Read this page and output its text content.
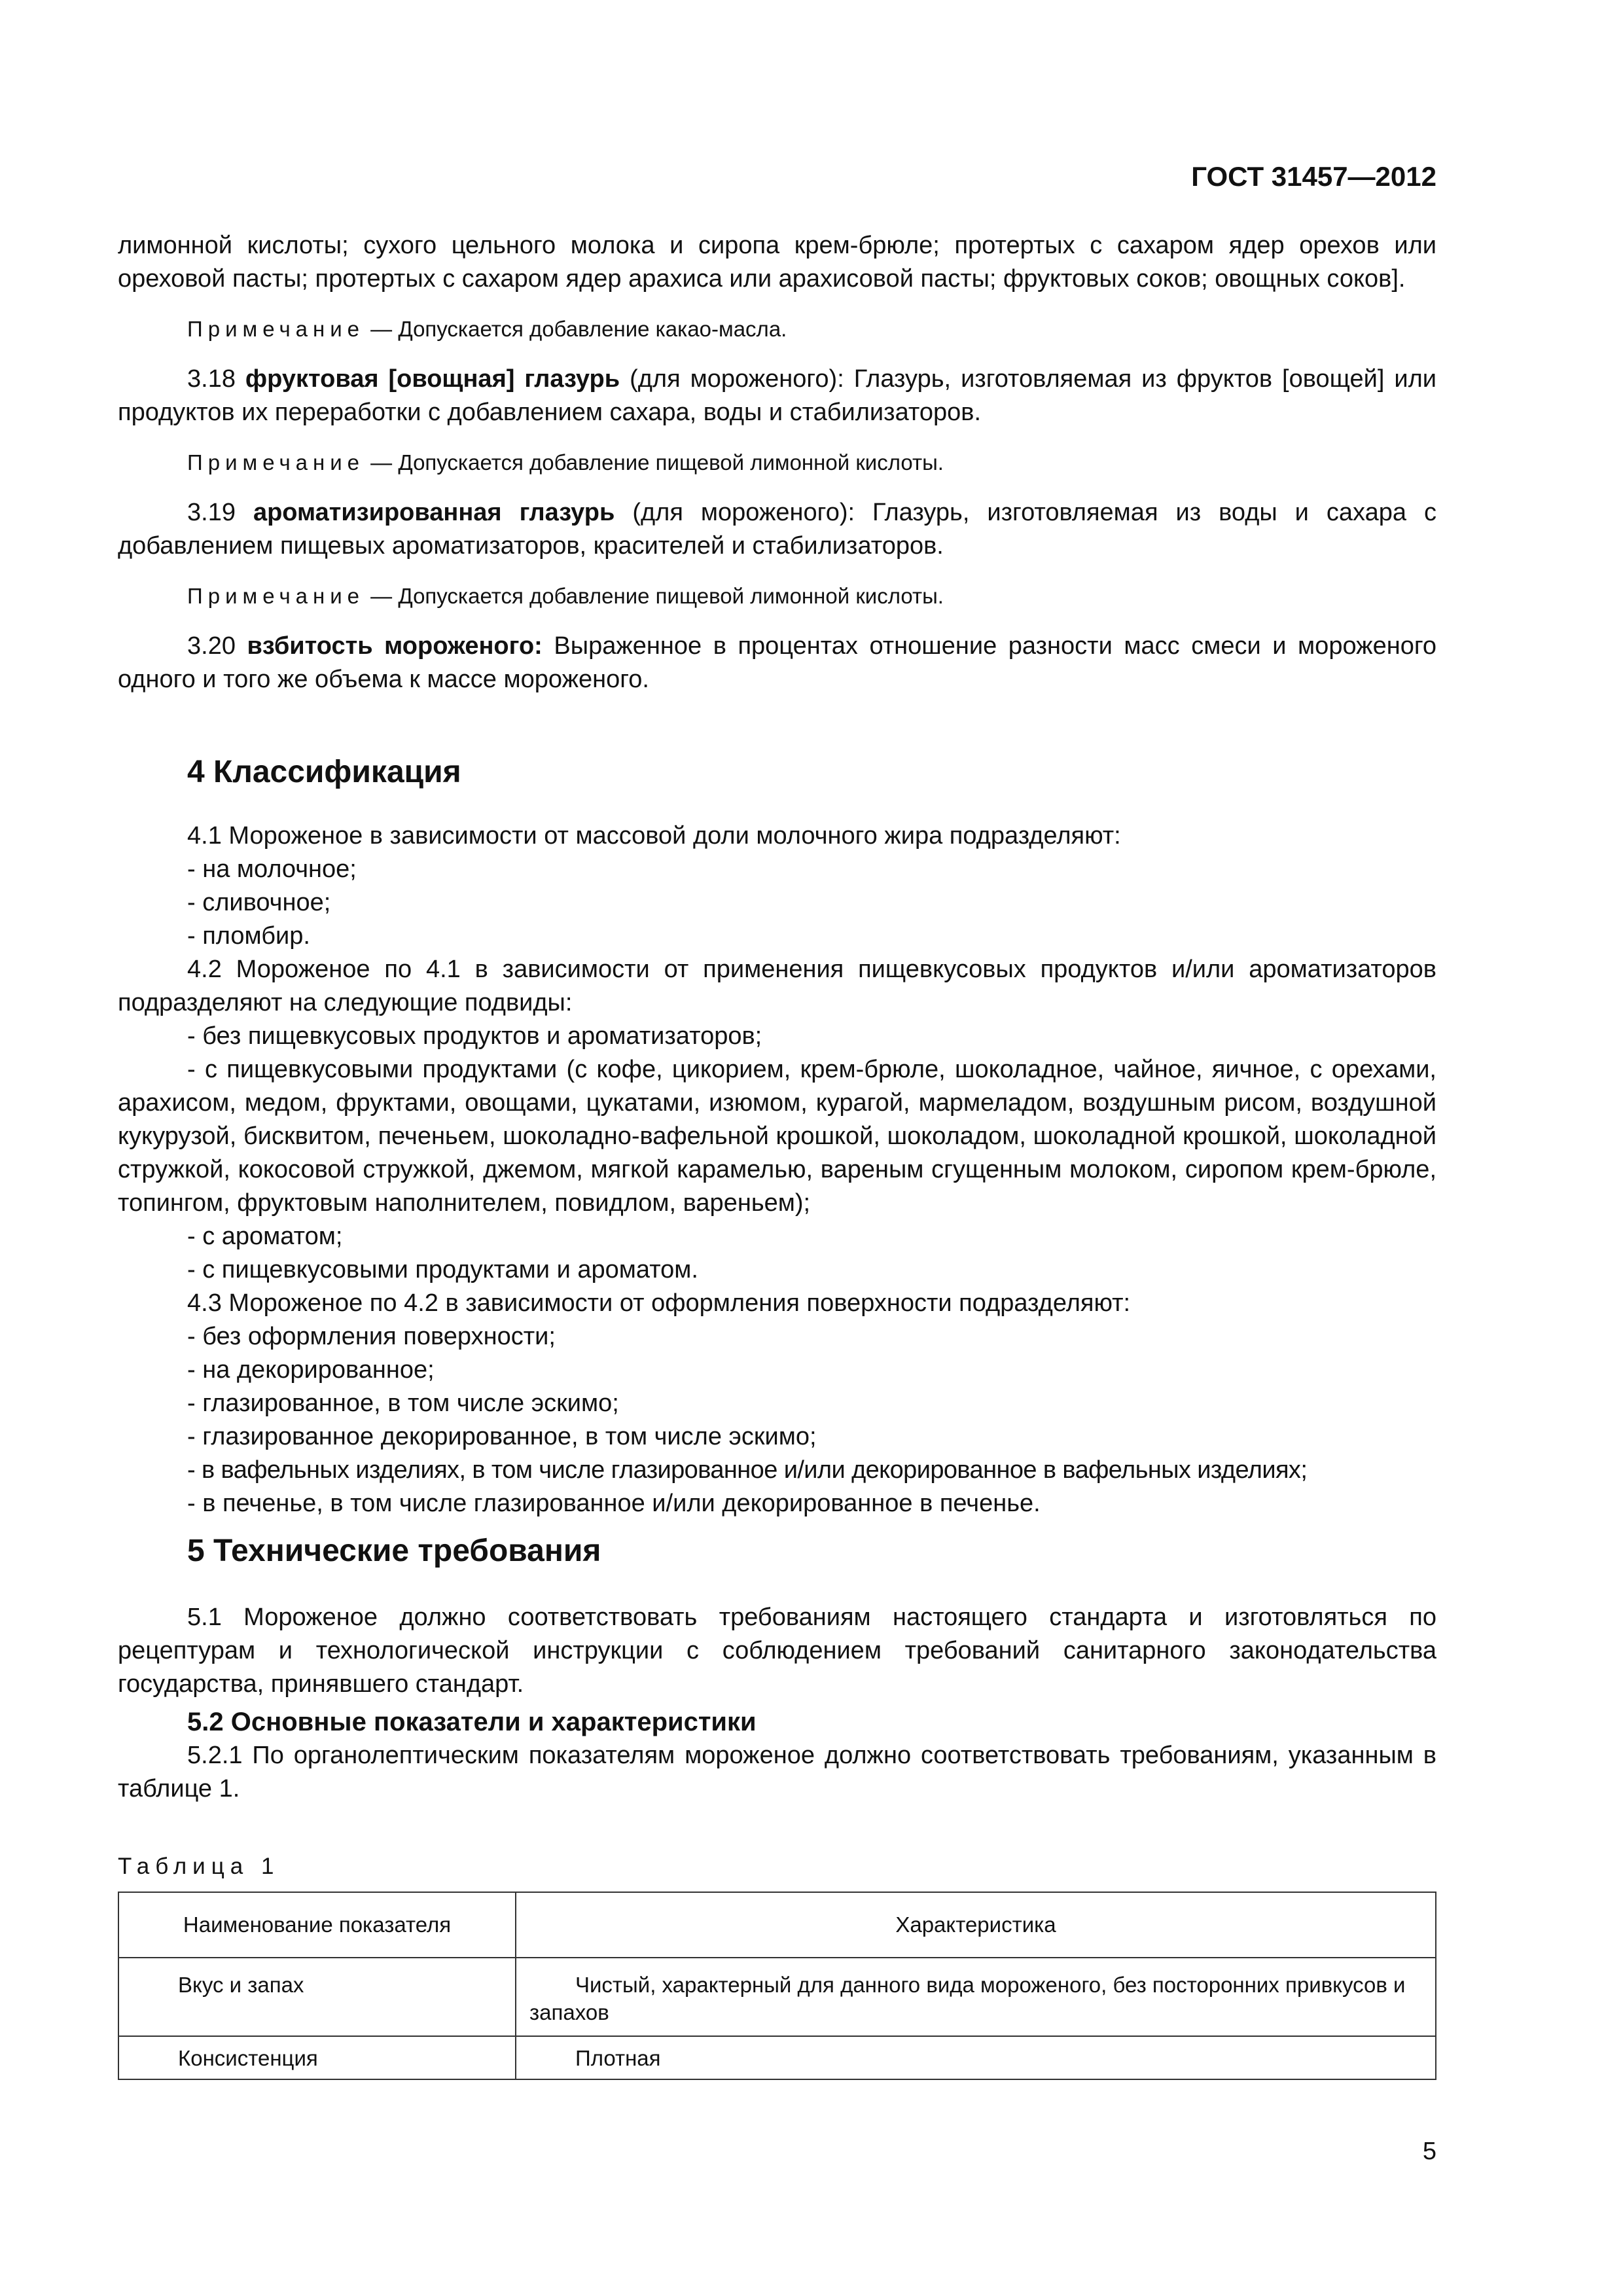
ГОСТ 31457—2012

лимонной кислоты; сухого цельного молока и сиропа крем-брюле; протертых с сахаром ядер орехов или ореховой пасты; протертых с сахаром ядер арахиса или арахисовой пасты; фруктовых соков; овощных соков].

Примечание — Допускается добавление какао-масла.

3.18 фруктовая [овощная] глазурь (для мороженого): Глазурь, изготовляемая из фруктов [овощей] или продуктов их переработки с добавлением сахара, воды и стабилизаторов.

Примечание — Допускается добавление пищевой лимонной кислоты.

3.19 ароматизированная глазурь (для мороженого): Глазурь, изготовляемая из воды и сахара с добавлением пищевых ароматизаторов, красителей и стабилизаторов.

Примечание — Допускается добавление пищевой лимонной кислоты.

3.20 взбитость мороженого: Выраженное в процентах отношение разности масс смеси и мороженого одного и того же объема к массе мороженого.

4 Классификация

4.1 Мороженое в зависимости от массовой доли молочного жира подразделяют:

- на молочное;

- сливочное;

- пломбир.

4.2 Мороженое по 4.1 в зависимости от применения пищевкусовых продуктов и/или ароматизаторов подразделяют на следующие подвиды:

- без пищевкусовых продуктов и ароматизаторов;

- с пищевкусовыми продуктами (с кофе, цикорием, крем-брюле, шоколадное, чайное, яичное, с орехами, арахисом, медом, фруктами, овощами, цукатами, изюмом, курагой, мармеладом, воздушным рисом, воздушной кукурузой, бисквитом, печеньем, шоколадно-вафельной крошкой, шоколадом, шоколадной крошкой, шоколадной стружкой, кокосовой стружкой, джемом, мягкой карамелью, вареным сгущенным молоком, сиропом крем-брюле, топингом, фруктовым наполнителем, повидлом, вареньем);

- с ароматом;

- с пищевкусовыми продуктами и ароматом.

4.3 Мороженое по 4.2 в зависимости от оформления поверхности подразделяют:

- без оформления поверхности;

- на декорированное;

- глазированное, в том числе эскимо;

- глазированное декорированное, в том числе эскимо;

- в вафельных изделиях, в том числе глазированное и/или декорированное в вафельных изделиях;

- в печенье, в том числе глазированное и/или декорированное в печенье.

5 Технические требования

5.1 Мороженое должно соответствовать требованиям настоящего стандарта и изготовляться по рецептурам и технологической инструкции с соблюдением требований санитарного законодательства государства, принявшего стандарт.

5.2 Основные показатели и характеристики

5.2.1 По органолептическим показателям мороженое должно соответствовать требованиям, указанным в таблице 1.

Таблица 1
Наименование показателя	Характеристика
Вкус и запах	Чистый, характерный для данного вида мороженого, без посторонних привкусов и запахов
Консистенция	Плотная
5
